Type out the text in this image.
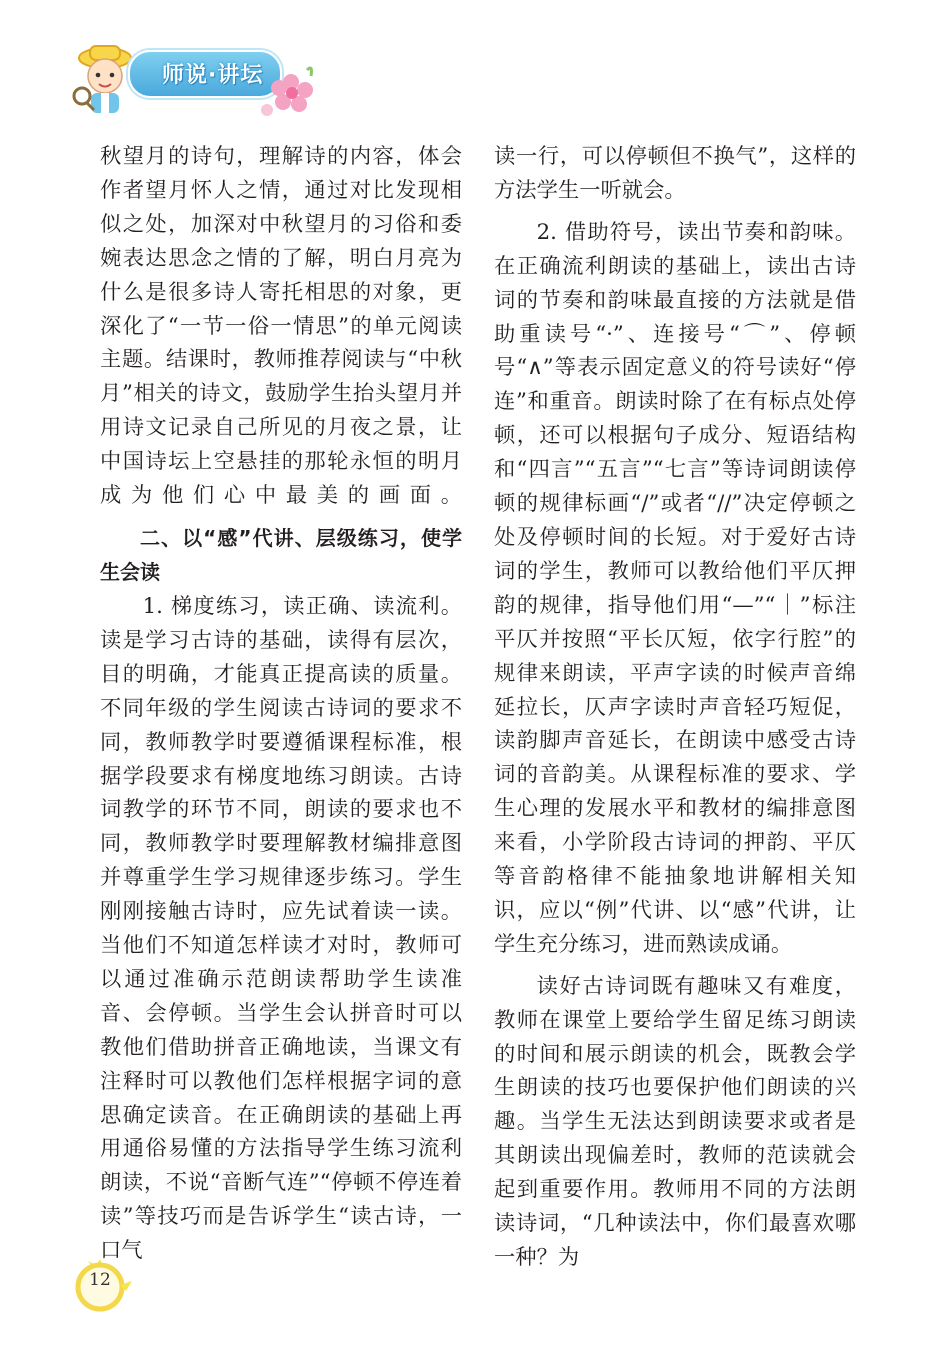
师说·讲坛

秋望月的诗句，理解诗的内容，体会作者望月怀人之情，通过对比发现相似之处，加深对中秋望月的习俗和委婉表达思念之情的了解，明白月亮为什么是很多诗人寄托相思的对象，更深化了“一节一俗一情思”的单元阅读主题。结课时，教师推荐阅读与“中秋月”相关的诗文，鼓励学生抬头望月并用诗文记录自己所见的月夜之景，让中国诗坛上空悬挂的那轮永恒的明月成为他们心中最美的画面。

二、以“感”代讲、层级练习，使学生会读

1. 梯度练习，读正确、读流利。读是学习古诗的基础，读得有层次，目的明确，才能真正提高读的质量。不同年级的学生阅读古诗词的要求不同，教师教学时要遵循课程标准，根据学段要求有梯度地练习朗读。古诗词教学的环节不同，朗读的要求也不同，教师教学时要理解教材编排意图并尊重学生学习规律逐步练习。学生刚刚接触古诗时，应先试着读一读。当他们不知道怎样读才对时，教师可以通过准确示范朗读帮助学生读准音、会停顿。当学生会认拼音时可以教他们借助拼音正确地读，当课文有注释时可以教他们怎样根据字词的意思确定读音。在正确朗读的基础上再用通俗易懂的方法指导学生练习流利朗读，不说“音断气连”“停顿不停连着读”等技巧而是告诉学生“读古诗，一口气

读一行，可以停顿但不换气”，这样的方法学生一听就会。

2. 借助符号，读出节奏和韵味。在正确流利朗读的基础上，读出古诗词的节奏和韵味最直接的方法就是借助重读号“·”、连接号“⌒”、停顿号“∧”等表示固定意义的符号读好“停连”和重音。朗读时除了在有标点处停顿，还可以根据句子成分、短语结构和“四言”“五言”“七言”等诗词朗读停顿的规律标画“/”或者“//”决定停顿之处及停顿时间的长短。对于爱好古诗词的学生，教师可以教给他们平仄押韵的规律，指导他们用“—”“｜”标注平仄并按照“平长仄短，依字行腔”的规律来朗读，平声字读的时候声音绵延拉长，仄声字读时声音轻巧短促，读韵脚声音延长，在朗读中感受古诗词的音韵美。从课程标准的要求、学生心理的发展水平和教材的编排意图来看，小学阶段古诗词的押韵、平仄等音韵格律不能抽象地讲解相关知识，应以“例”代讲、以“感”代讲，让学生充分练习，进而熟读成诵。

读好古诗词既有趣味又有难度，教师在课堂上要给学生留足练习朗读的时间和展示朗读的机会，既教会学生朗读的技巧也要保护他们朗读的兴趣。当学生无法达到朗读要求或者是其朗读出现偏差时，教师的范读就会起到重要作用。教师用不同的方法朗读诗词，“几种读法中，你们最喜欢哪一种？为

12
